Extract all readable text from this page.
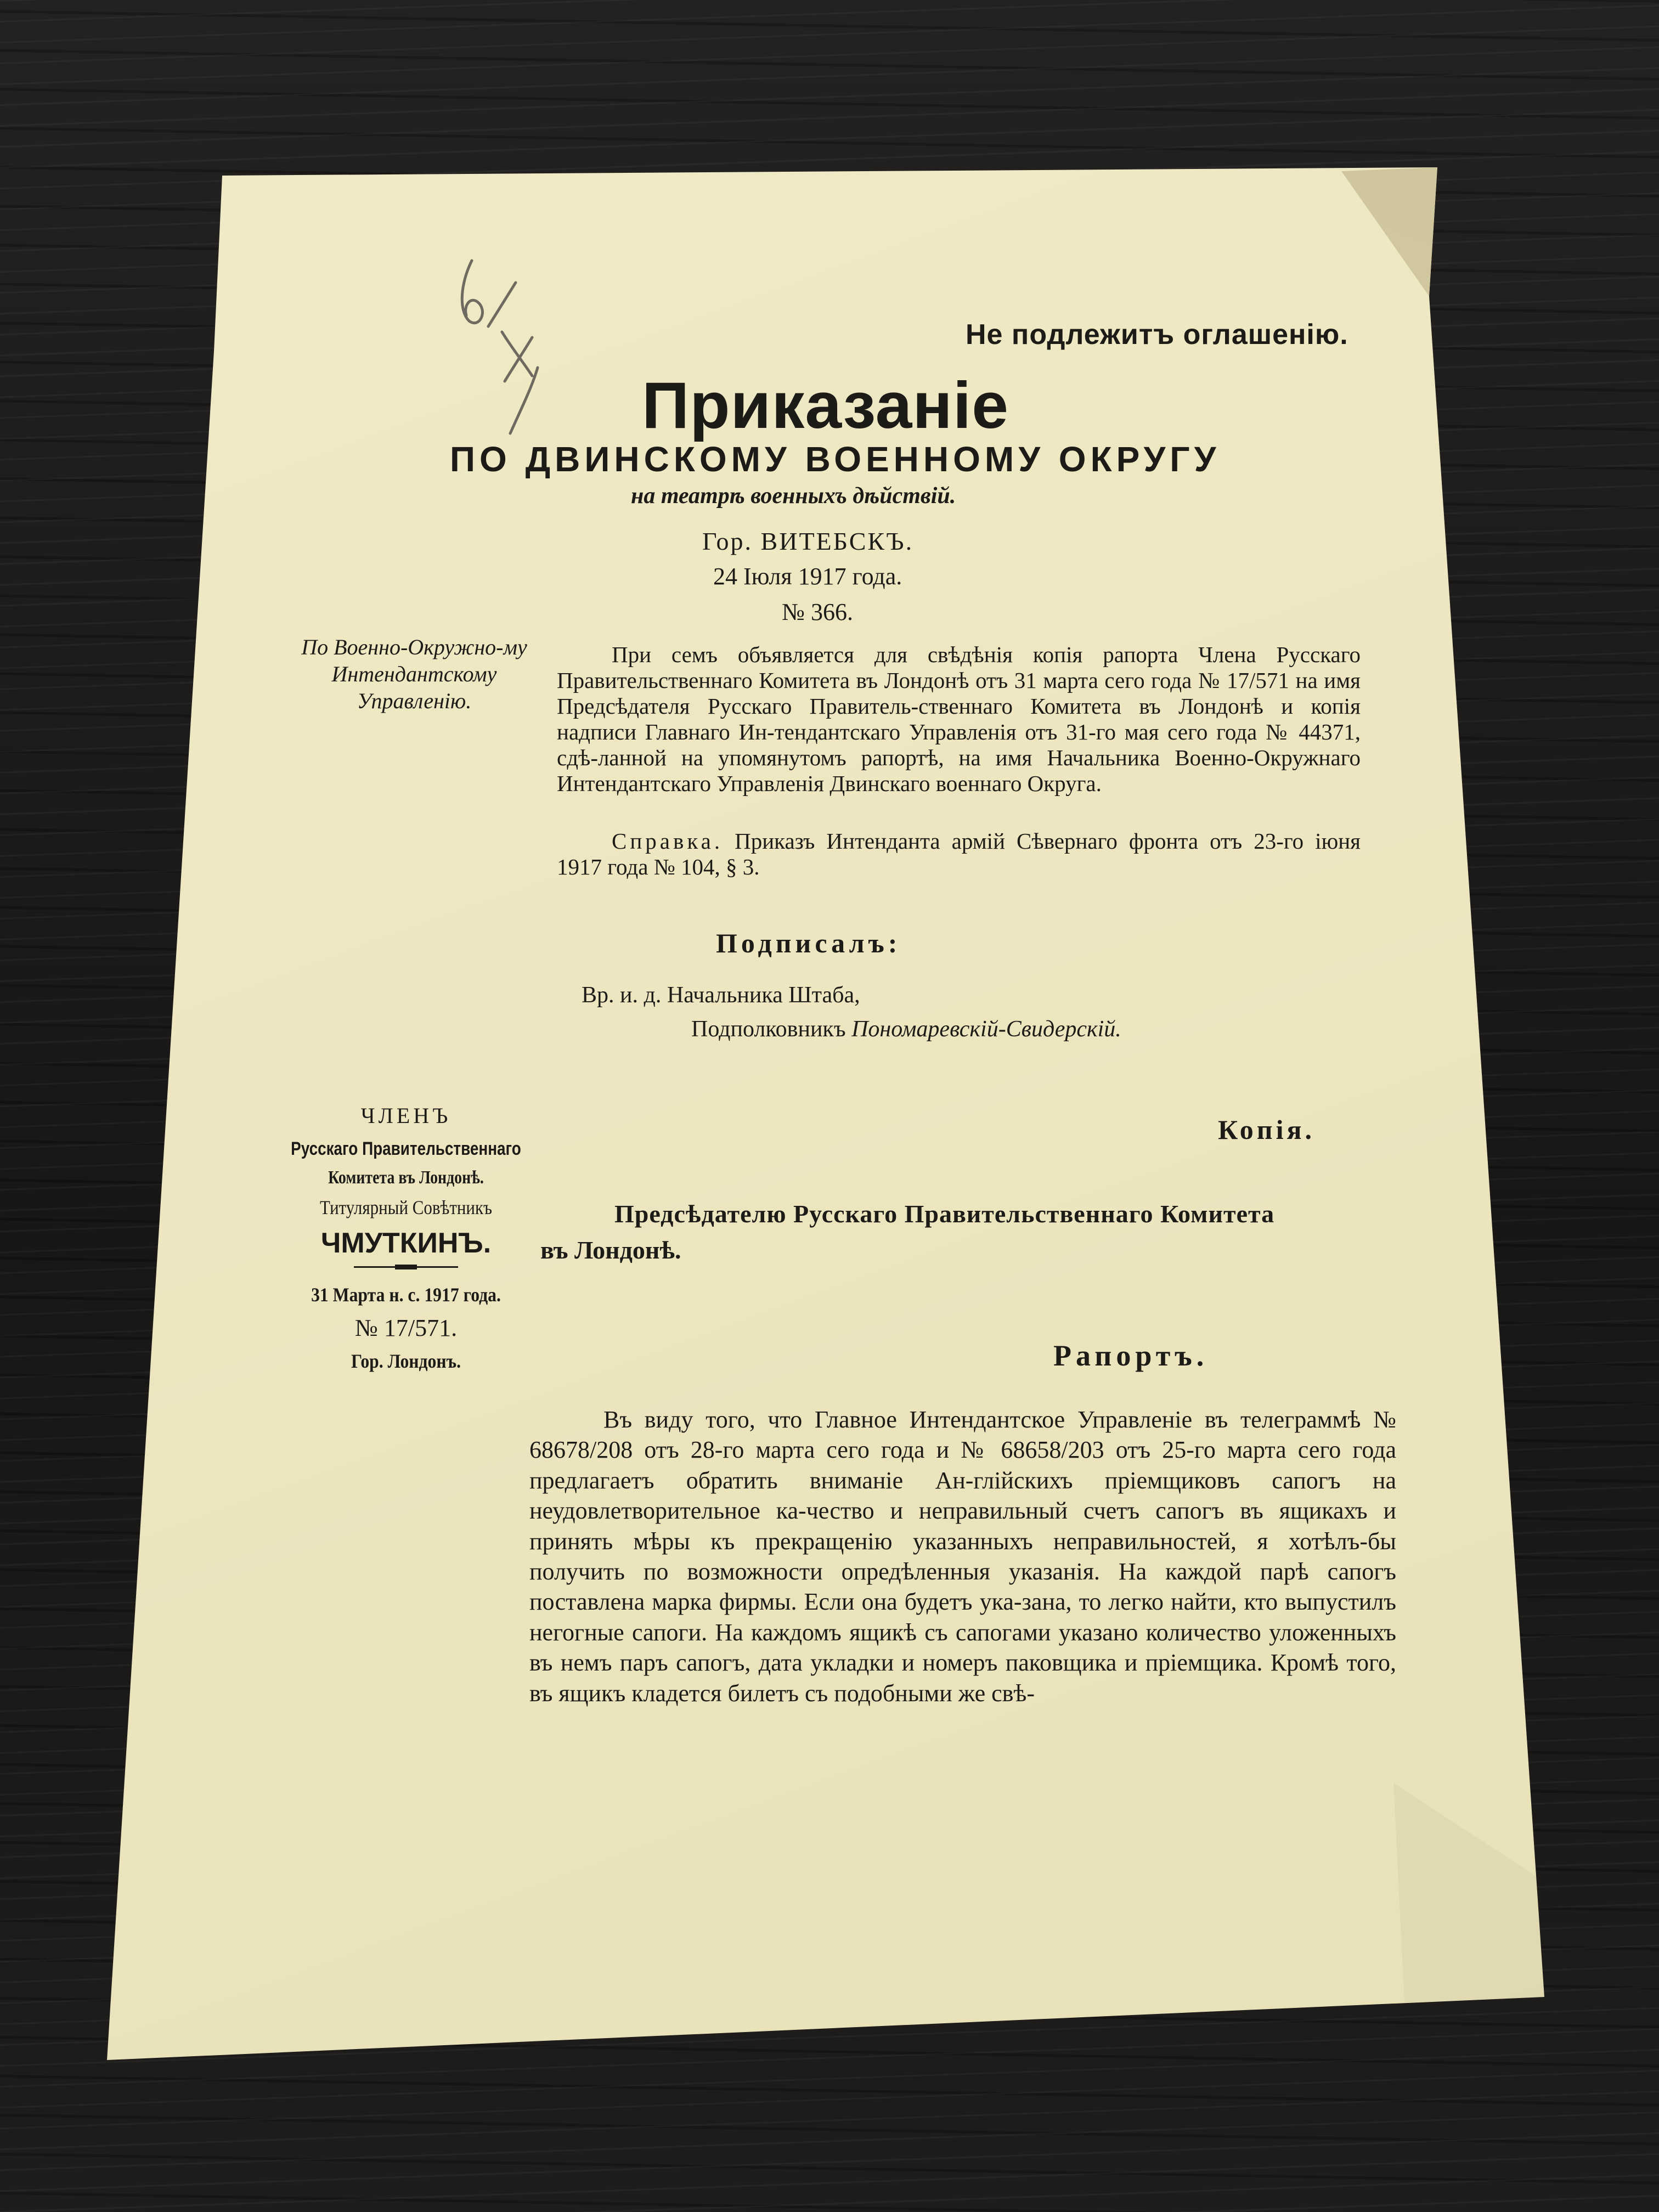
Не подлежитъ оглашенію.
Приказаніе
ПО ДВИНСКОМУ ВОЕННОМУ ОКРУГУ
на театрѣ военныхъ дѣйствій.
Гор. ВИТЕБСКЪ.
24 Іюля 1917 года.
№ 366.
По Военно-Окружно-му Интендантскому Управленію.

При семъ объявляется для свѣдѣнія копія рапорта Члена Русскаго Правительственнаго Комитета въ Лондонѣ отъ 31 марта сего года № 17/571 на имя Предсѣдателя Русскаго Правитель-ственнаго Комитета въ Лондонѣ и копія надписи Главнаго Ин-тендантскаго Управленія отъ 31-го мая сего года № 44371, сдѣ-ланной на упомянутомъ рапортѣ, на имя Начальника Военно-Окружнаго Интендантскаго Управленія Двинскаго военнаго Округа.

Справка. Приказъ Интенданта армій Сѣвернаго фронта отъ 23-го іюня 1917 года № 104, § 3.

Подписалъ:
Вр. и. д. Начальника Штаба,
Подполковникъ Пономаревскій-Свидерскій.
ЧЛЕНЪ
Русскаго Правительственнаго
Комитета въ Лондонѣ.
Титулярный Совѣтникъ
ЧМУТКИНЪ.
31 Марта н. с. 1917 года.
№ 17/571.
Гор. Лондонъ.
Копія.
Предсѣдателю Русскаго Правительственнаго Комитета
въ Лондонѣ.
Рапортъ.

Въ виду того, что Главное Интендантское Управленіе въ телеграммѣ № 68678/208 отъ 28-го марта сего года и № 68658/203 отъ 25-го марта сего года предлагаетъ обратить вниманіе Ан-глійскихъ пріемщиковъ сапогъ на неудовлетворительное ка-чество и неправильный счетъ сапогъ въ ящикахъ и принять мѣры къ прекращенію указанныхъ неправильностей, я хотѣлъ-бы получить по возможности опредѣленныя указанія. На каждой парѣ сапогъ поставлена марка фирмы. Если она будетъ ука-зана, то легко найти, кто выпустилъ негогные сапоги. На каждомъ ящикѣ съ сапогами указано количество уложенныхъ въ немъ паръ сапогъ, дата укладки и номеръ паковщика и пріемщика. Кромѣ того, въ ящикъ кладется билетъ съ подобными же свѣ-
